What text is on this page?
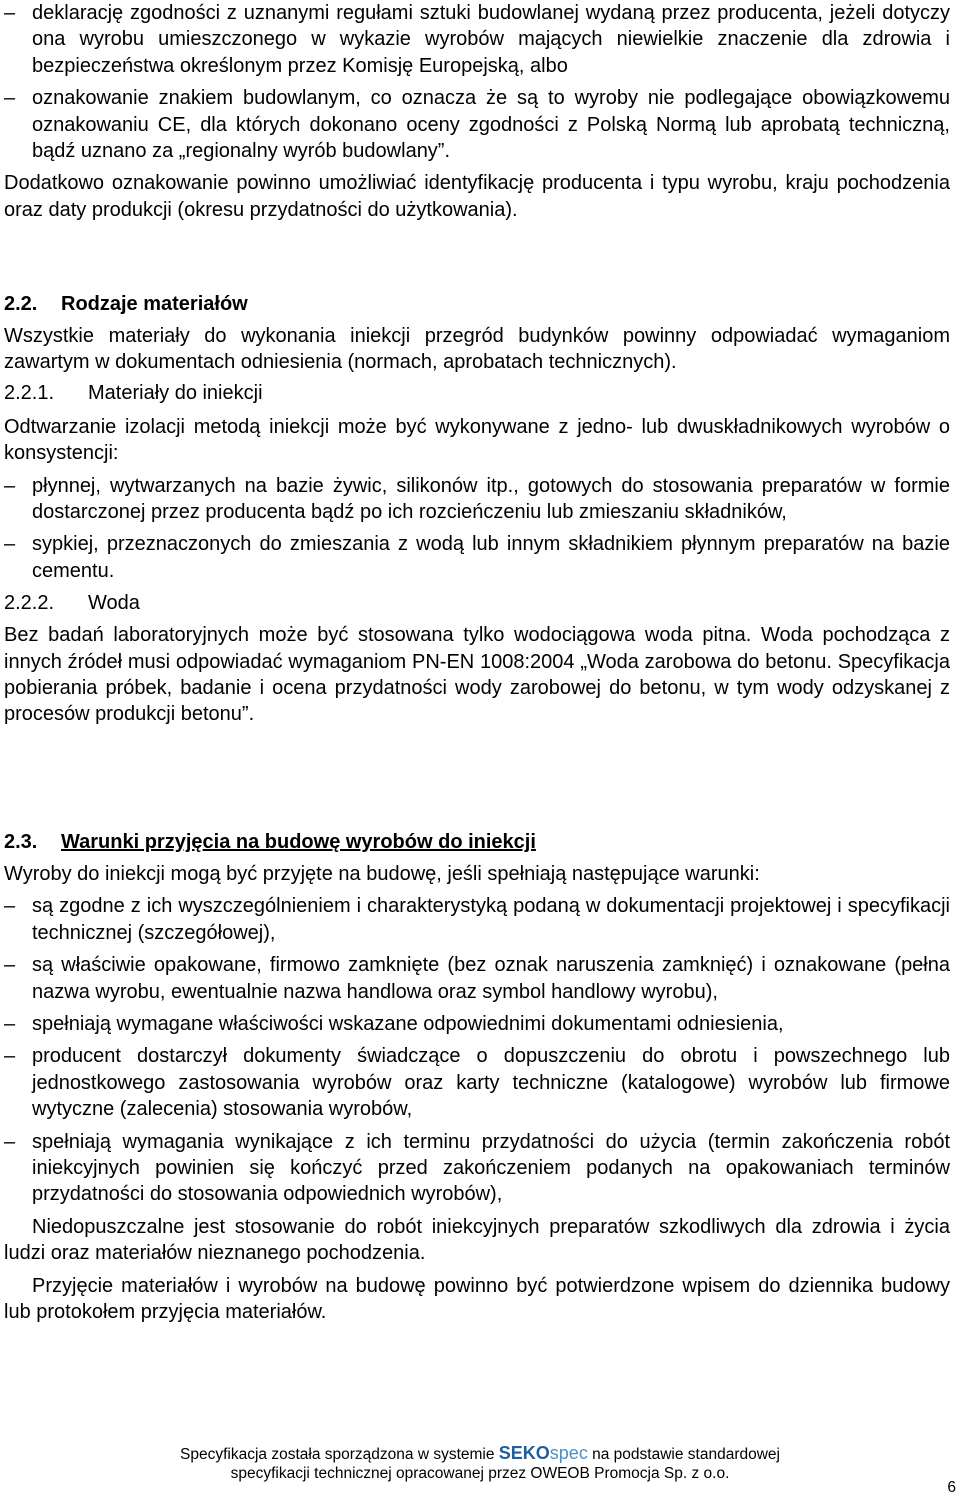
– deklarację zgodności z uznanymi regułami sztuki budowlanej wydaną przez producenta, jeżeli dotyczy ona wyrobu umieszczonego w wykazie wyrobów mających niewielkie znaczenie dla zdrowia i bezpieczeństwa określonym przez Komisję Europejską, albo

– oznakowanie znakiem budowlanym, co oznacza że są to wyroby nie podlegające obowiązkowemu oznakowaniu CE, dla których dokonano oceny zgodności z Polską Normą lub aprobatą techniczną, bądź uznano za „regionalny wyrób budowlany”.

Dodatkowo oznakowanie powinno umożliwiać identyfikację producenta i typu wyrobu, kraju pochodzenia oraz daty produkcji (okresu przydatności do użytkowania).

2.2.	Rodzaje materiałów

Wszystkie materiały do wykonania iniekcji przegród budynków powinny odpowiadać wymaganiom zawartym w dokumentach odniesienia (normach, aprobatach technicznych).

2.2.1.	Materiały do iniekcji

Odtwarzanie izolacji metodą iniekcji może być wykonywane z jedno- lub dwuskładnikowych wyrobów o konsystencji:

– płynnej, wytwarzanych na bazie żywic, silikonów itp., gotowych do stosowania preparatów w formie dostarczonej przez producenta bądź po ich rozcieńczeniu lub zmieszaniu składników,

– sypkiej, przeznaczonych do zmieszania z wodą lub innym składnikiem płynnym preparatów na bazie cementu.

2.2.2.	Woda

Bez badań laboratoryjnych może być stosowana tylko wodociągowa woda pitna. Woda pochodząca z innych źródeł musi odpowiadać wymaganiom PN-EN 1008:2004 „Woda zarobowa do betonu. Specyfikacja pobierania próbek, badanie i ocena przydatności wody zarobowej do betonu, w tym wody odzyskanej z procesów produkcji betonu”.

2.3.	Warunki przyjęcia na budowę wyrobów do iniekcji

Wyroby do iniekcji mogą być przyjęte na budowę, jeśli spełniają następujące warunki:

– są zgodne z ich wyszczególnieniem i charakterystyką podaną w dokumentacji projektowej i specyfikacji technicznej (szczegółowej),

– są właściwie opakowane, firmowo zamknięte (bez oznak naruszenia zamknięć) i oznakowane (pełna nazwa wyrobu, ewentualnie nazwa handlowa oraz symbol handlowy wyrobu),

– spełniają wymagane właściwości wskazane odpowiednimi dokumentami odniesienia,

– producent dostarczył dokumenty świadczące o dopuszczeniu do obrotu i powszechnego lub jednostkowego zastosowania wyrobów oraz karty techniczne (katalogowe) wyrobów lub firmowe wytyczne (zalecenia) stosowania wyrobów,

– spełniają wymagania wynikające z ich terminu przydatności do użycia (termin zakończenia robót iniekcyjnych powinien się kończyć przed zakończeniem podanych na opakowaniach terminów przydatności do stosowania odpowiednich wyrobów),

Niedopuszczalne jest stosowanie do robót iniekcyjnych preparatów szkodliwych dla zdrowia i życia ludzi oraz materiałów nieznanego pochodzenia.

Przyjęcie materiałów i wyrobów na budowę powinno być potwierdzone wpisem do dziennika budowy lub protokołem przyjęcia materiałów.

Specyfikacja została sporządzona w systemie SEKOspec na podstawie standardowej
specyfikacji technicznej opracowanej przez OWEOB Promocja Sp. z o.o.
6
